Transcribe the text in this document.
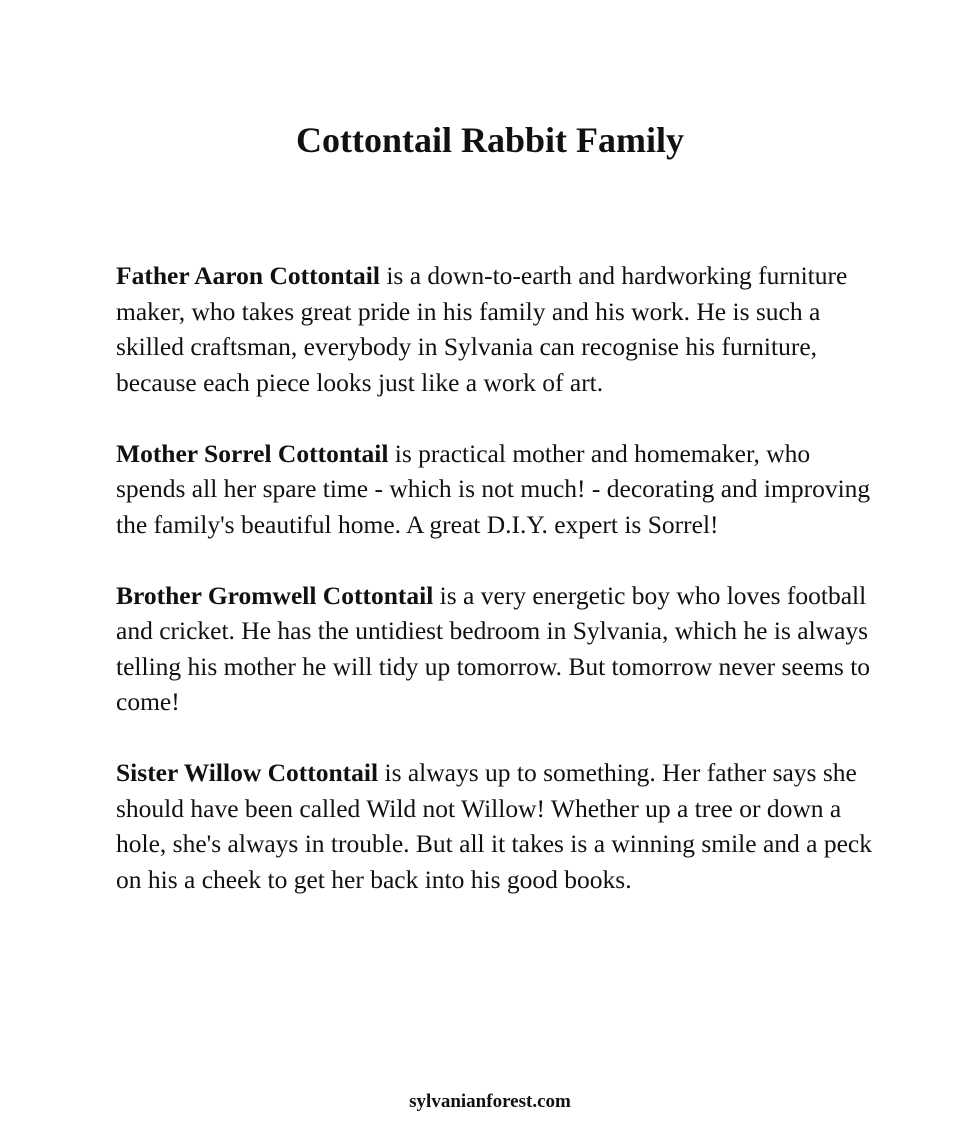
Cottontail Rabbit Family

Father Aaron Cottontail is a down-to-earth and hardworking furniture maker, who takes great pride in his family and his work. He is such a skilled craftsman, everybody in Sylvania can recognise his furniture, because each piece looks just like a work of art.

Mother Sorrel Cottontail is practical mother and homemaker, who spends all her spare time - which is not much! - decorating and improving the family's beautiful home. A great D.I.Y. expert is Sorrel!

Brother Gromwell Cottontail is a very energetic boy who loves football and cricket. He has the untidiest bedroom in Sylvania, which he is always telling his mother he will tidy up tomorrow. But tomorrow never seems to come!

Sister Willow Cottontail is always up to something. Her father says she should have been called Wild not Willow! Whether up a tree or down a hole, she's always in trouble. But all it takes is a winning smile and a peck on his a cheek to get her back into his good books.

sylvanianforest.com
